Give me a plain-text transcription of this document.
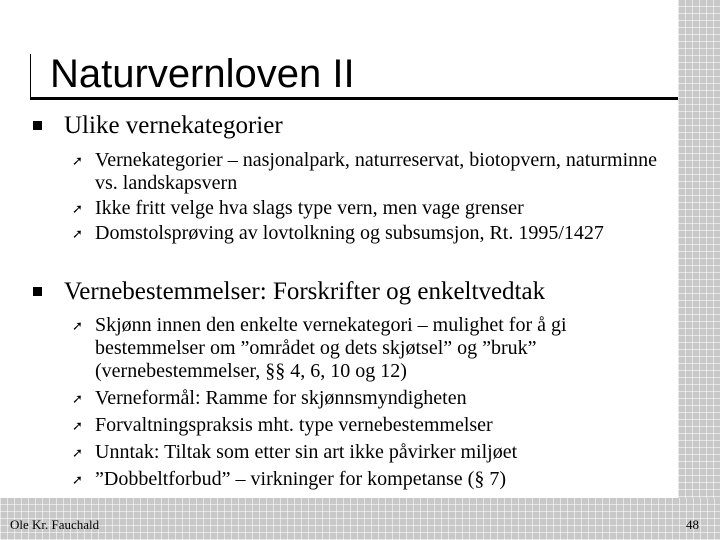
Naturvernloven II
Ulike vernekategorier
➚ Vernekategorier – nasjonalpark, naturreservat, biotopvern, naturminne vs. landskapsvern
➚ Ikke fritt velge hva slags type vern, men vage grenser
➚ Domstolsprøving av lovtolkning og subsumsjon, Rt. 1995/1427
Vernebestemmelser: Forskrifter og enkeltvedtak
➚ Skjønn innen den enkelte vernekategori – mulighet for å gi bestemmelser om ”området og dets skjøtsel” og ”bruk” (vernebestemmelser, §§ 4, 6, 10 og 12)
➚ Verneformål: Ramme for skjønnsmyndigheten
➚ Forvaltningspraksis mht. type vernebestemmelser
➚ Unntak: Tiltak som etter sin art ikke påvirker miljøet
➚ ”Dobbeltforbud” – virkninger for kompetanse (§ 7)
Ole Kr. Fauchald	48
